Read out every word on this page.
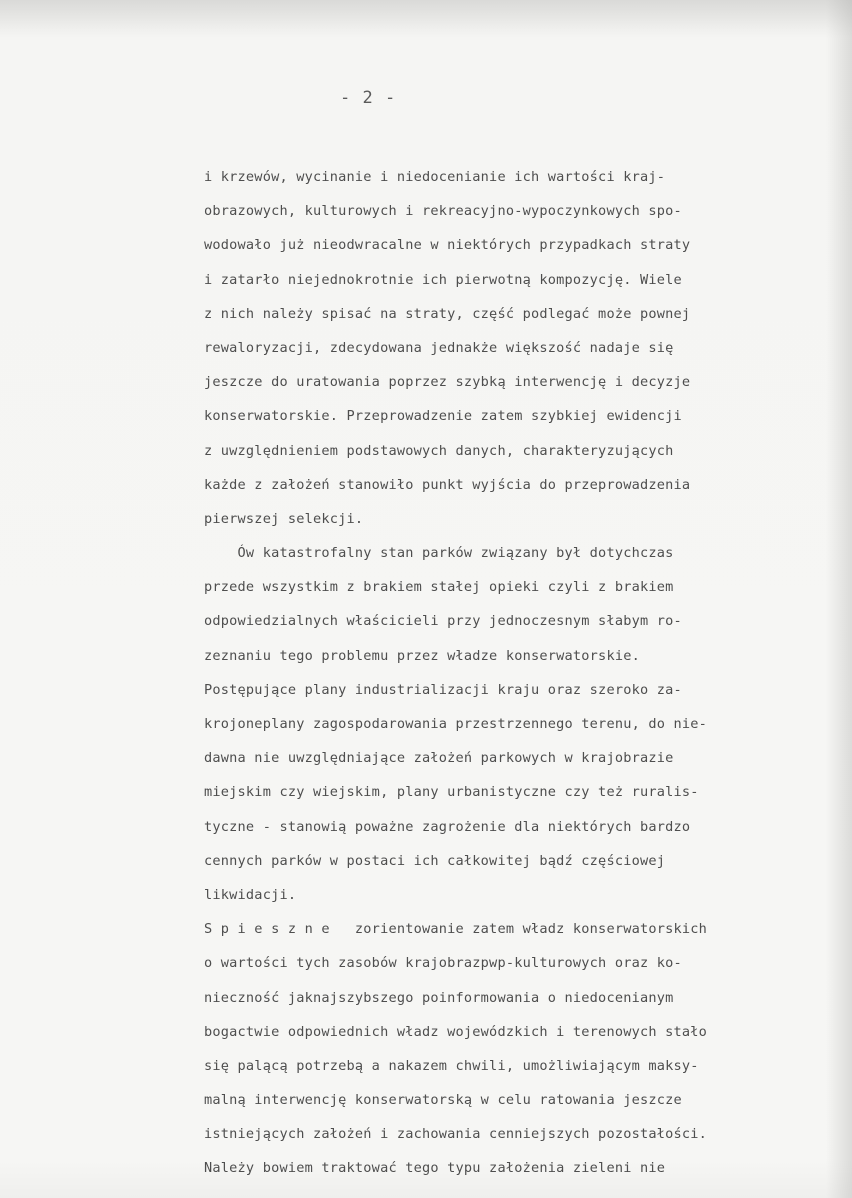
- 2 -
i krzewów, wycinanie i niedocenianie ich wartości kraj-
obrazowych, kulturowych i rekreacyjno-wypoczynkowych spo-
wodowało już nieodwracalne w niektórych przypadkach straty
i zatarło niejednokrotnie ich pierwotną kompozycję. Wiele
z nich należy spisać na straty, część podlegać może pownej
rewaloryzacji, zdecydowana jednakże większość nadaje się
jeszcze do uratowania poprzez szybką interwencję i decyzje
konserwatorskie. Przeprowadzenie zatem szybkiej ewidencji
z uwzględnieniem podstawowych danych, charakteryzujących
każde z założeń stanowiło punkt wyjścia do przeprowadzenia
pierwszej selekcji.
Ów katastrofalny stan parków związany był dotychczas
przede wszystkim z brakiem stałej opieki czyli z brakiem
odpowiedzialnych właścicieli przy jednoczesnym słabym ro-
zeznaniu tego problemu przez władze konserwatorskie.
Postępujące plany industrializacji kraju oraz szeroko za-
krojoneplany zagospodarowania przestrzennego terenu, do nie-
dawna nie uwzględniające założeń parkowych w krajobrazie
miejskim czy wiejskim, plany urbanistyczne czy też ruralis-
tyczne - stanowią poważne zagrożenie dla niektórych bardzo
cennych parków w postaci ich całkowitej bądź częściowej
likwidacji.
S p i e s z n e   zorientowanie zatem władz konserwatorskich
o wartości tych zasobów krajobrazpwp-kulturowych oraz ko-
nieczność jaknajszybszego poinformowania o niedocenianym
bogactwie odpowiednich władz wojewódzkich i terenowych stało
się palącą potrzebą a nakazem chwili, umożliwiającym maksy-
malną interwencję konserwatorską w celu ratowania jeszcze
istniejących założeń i zachowania cenniejszych pozostałości.
Należy bowiem traktować tego typu założenia zieleni nie
